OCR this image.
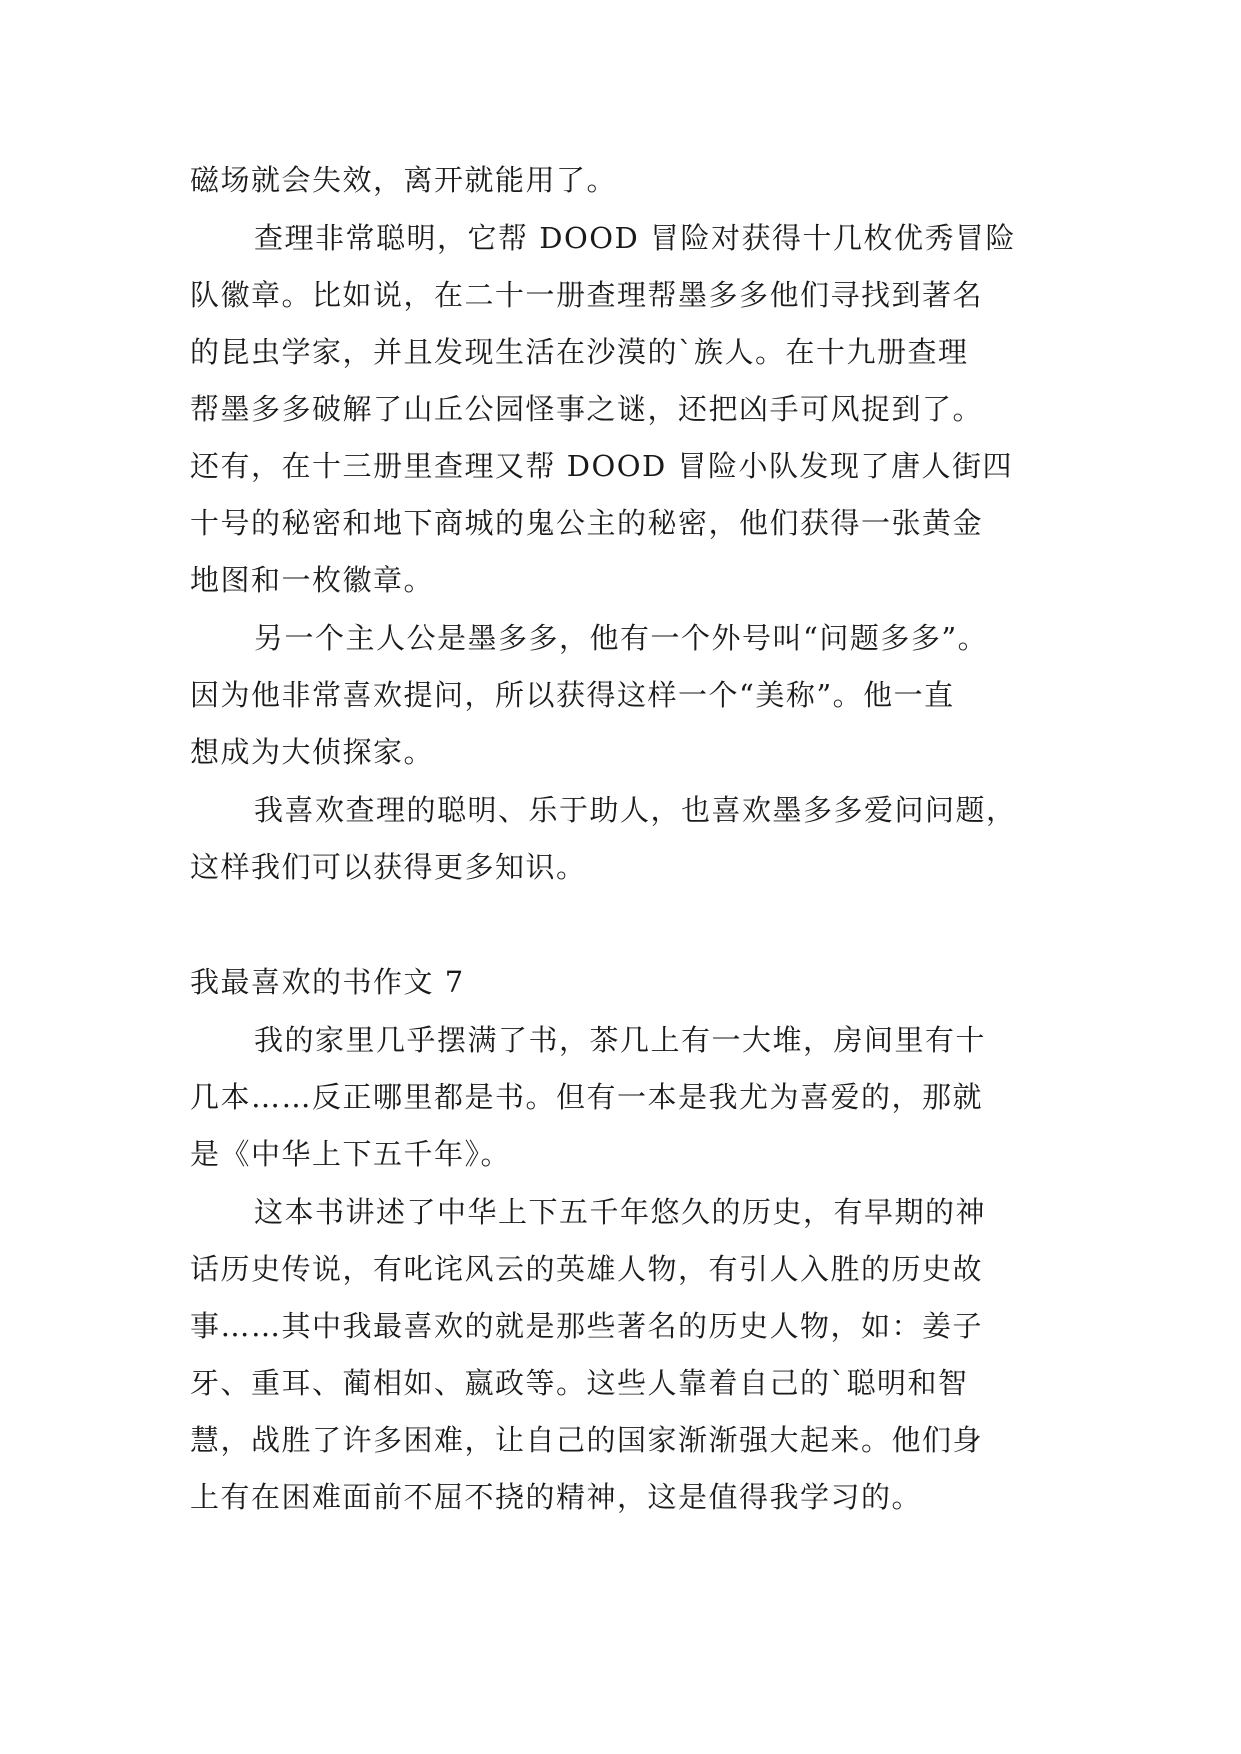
磁场就会失效，离开就能用了。
查理非常聪明，它帮 DOOD 冒险对获得十几枚优秀冒险
队徽章。比如说，在二十一册查理帮墨多多他们寻找到著名
的昆虫学家，并且发现生活在沙漠的`族人。在十九册查理
帮墨多多破解了山丘公园怪事之谜，还把凶手可风捉到了。
还有，在十三册里查理又帮 DOOD 冒险小队发现了唐人街四
十号的秘密和地下商城的鬼公主的秘密，他们获得一张黄金
地图和一枚徽章。
另一个主人公是墨多多，他有一个外号叫“问题多多”。
因为他非常喜欢提问，所以获得这样一个“美称”。他一直
想成为大侦探家。
我喜欢查理的聪明、乐于助人，也喜欢墨多多爱问问题，
这样我们可以获得更多知识。
我最喜欢的书作文 7
我的家里几乎摆满了书，茶几上有一大堆，房间里有十
几本……反正哪里都是书。但有一本是我尤为喜爱的，那就
是《中华上下五千年》。
这本书讲述了中华上下五千年悠久的历史，有早期的神
话历史传说，有叱诧风云的英雄人物，有引人入胜的历史故
事……其中我最喜欢的就是那些著名的历史人物，如：姜子
牙、重耳、蔺相如、嬴政等。这些人靠着自己的`聪明和智
慧，战胜了许多困难，让自己的国家渐渐强大起来。他们身
上有在困难面前不屈不挠的精神，这是值得我学习的。
